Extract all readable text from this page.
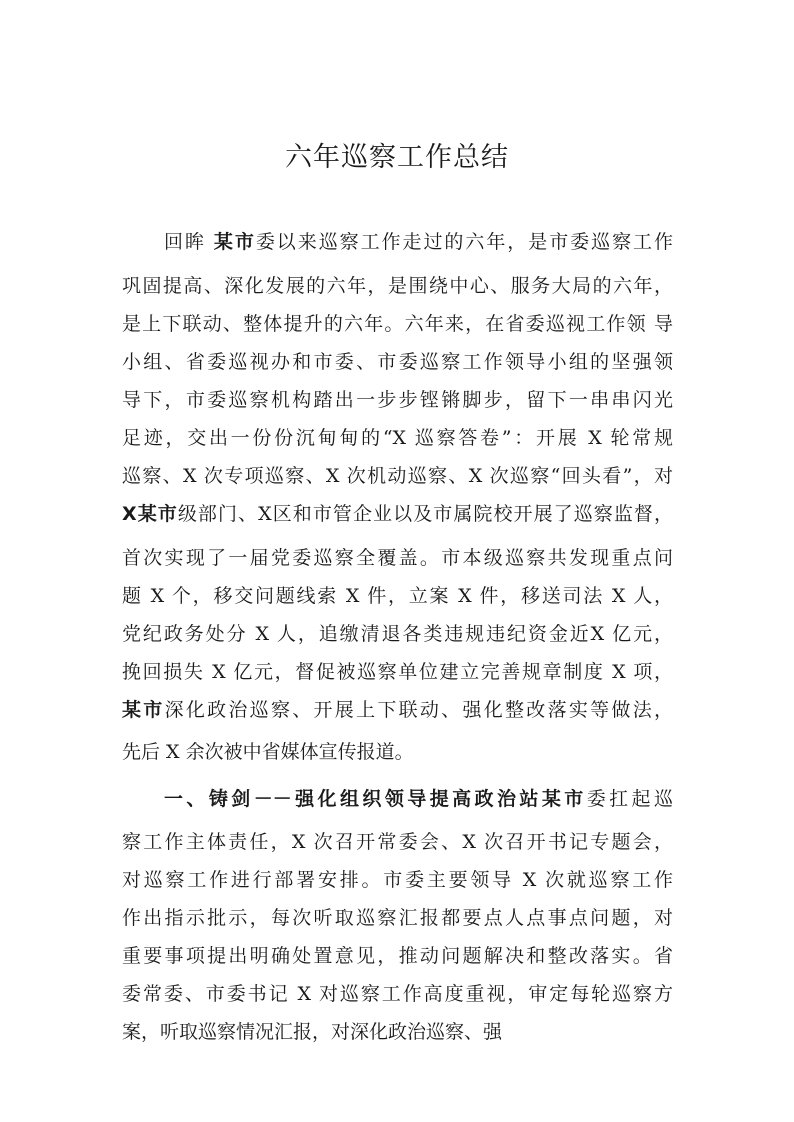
六年巡察工作总结
回眸 某市委以来巡察工作走过的六年，是市委巡察工作
巩固提高、深化发展的六年，是围绕中心、服务大局的六年，
是上下联动、整体提升的六年。六年来，在省委巡视工作领 导
小组、省委巡视办和市委、市委巡察工作领导小组的坚强领
导下，市委巡察机构踏出一步步铿锵脚步，留下一串串闪光
足迹，交出一份份沉甸甸的“X 巡察答卷”：开展 X 轮常规
巡察、X 次专项巡察、X 次机动巡察、X 次巡察“回头看”，对
X某市级部门、X区和市管企业以及市属院校开展了巡察监督，
首次实现了一届党委巡察全覆盖。市本级巡察共发现重点问
题 X 个，移交问题线索 X 件，立案 X 件，移送司法 X 人，
党纪政务处分 X 人，追缴清退各类违规违纪资金近X 亿元，
挽回损失 X 亿元，督促被巡察单位建立完善规章制度 X 项，
某市深化政治巡察、开展上下联动、强化整改落实等做法，
先后 X 余次被中省媒体宣传报道。
一、铸剑－－强化组织领导提高政治站某市委扛起巡
察工作主体责任，X 次召开常委会、X 次召开书记专题会，
对巡察工作进行部署安排。市委主要领导 X 次就巡察工作
作出指示批示，每次听取巡察汇报都要点人点事点问题，对
重要事项提出明确处置意见，推动问题解决和整改落实。省
委常委、市委书记 X 对巡察工作高度重视，审定每轮巡察方
案，听取巡察情况汇报，对深化政治巡察、强
